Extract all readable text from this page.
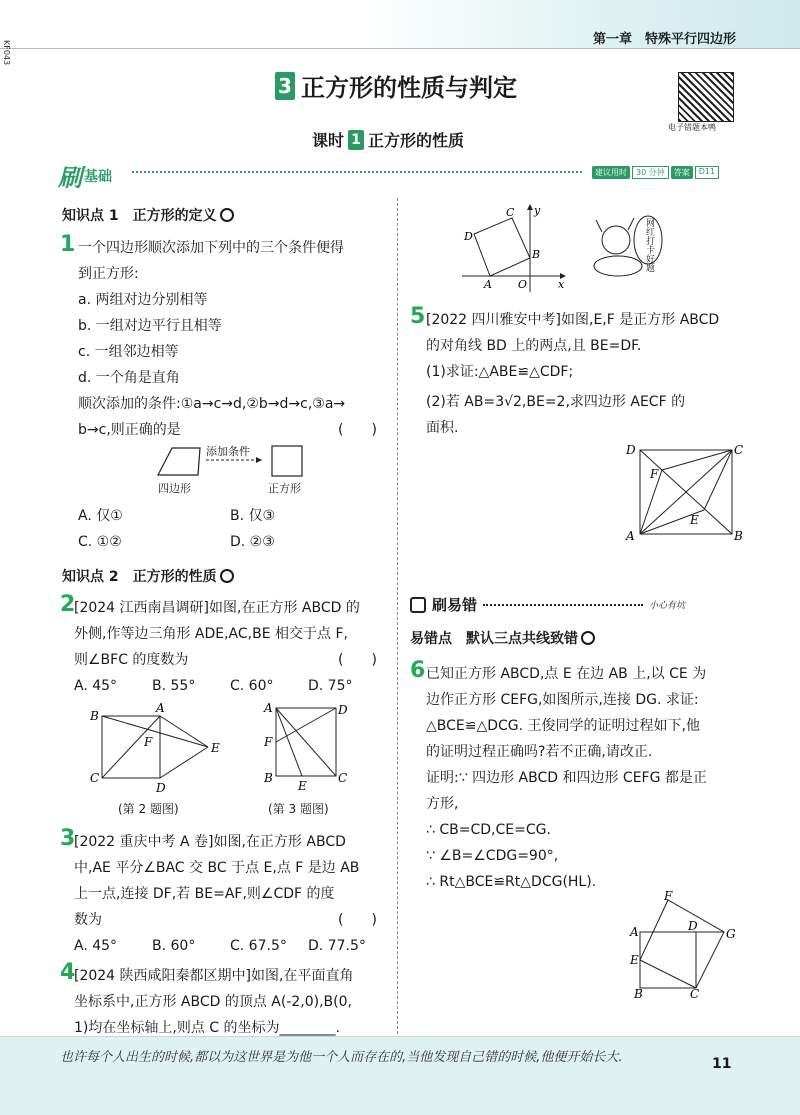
第一章　特殊平行四边形
KF043
3 正方形的性质与判定
电子错题本鸭
课时 1 正方形的性质
刷 基础	建议用时	30 分钟	答案	D11
知识点 1　正方形的定义
1 一个四边形顺次添加下列中的三个条件便得
到正方形:
a. 两组对边分别相等
b. 一组对边平行且相等
c. 一组邻边相等
d. 一个角是直角
顺次添加的条件:①a→c→d,②b→d→c,③a→
b→c,则正确的是	(　　)
添加条件
四边形	正方形
A. 仅①	B. 仅③
C. ①②	D. ②③
知识点 2　正方形的性质
2
[2024 江西南昌调研]如图,在正方形 ABCD 的
外侧,作等边三角形 ADE,AC,BE 相交于点 F,
则∠BFC 的度数为	(　　)
A. 45° B. 55° C. 60° D. 75°
B
A
F	E
C
D
A	D
F
B
E
C
(第 2 题图)	(第 3 题图)
3
[2022 重庆中考 A 卷]如图,在正方形 ABCD
中,AE 平分∠BAC 交 BC 于点 E,点 F 是边 AB
上一点,连接 DF,若 BE=AF,则∠CDF 的度
数为	(　　)
A. 45° B. 60° C. 67.5° D. 77.5°
4
[2024 陕西咸阳秦都区期中]如图,在平面直角
坐标系中,正方形 ABCD 的顶点 A(-2,0),B(0,
1)均在坐标轴上,则点 C 的坐标为________.
y
x
C
D
B
A O
网红打卡好题
5 [2022 四川雅安中考]如图,E,F 是正方形 ABCD
的对角线 BD 上的两点,且 BE=DF.
(1)求证:△ABE≌△CDF;
(2)若 AB=3√2,BE=2,求四边形 AECF 的
面积.
D	C
F
E
A	B
刷易错	小心有坑
易错点　默认三点共线致错
6 已知正方形 ABCD,点 E 在边 AB 上,以 CE 为
边作正方形 CEFG,如图所示,连接 DG. 求证:
△BCE≌△DCG. 王俊同学的证明过程如下,他
的证明过程正确吗?若不正确,请改正.
证明:∵ 四边形 ABCD 和四边形 CEFG 都是正
方形,
∴ CB=CD,CE=CG.
∵ ∠B=∠CDG=90°,
∴ Rt△BCE≌Rt△DCG(HL).
F
A	D
G
E
B	C
也许每个人出生的时候,都以为这世界是为他一个人而存在的,当他发现自己错的时候,他便开始长大.	11
